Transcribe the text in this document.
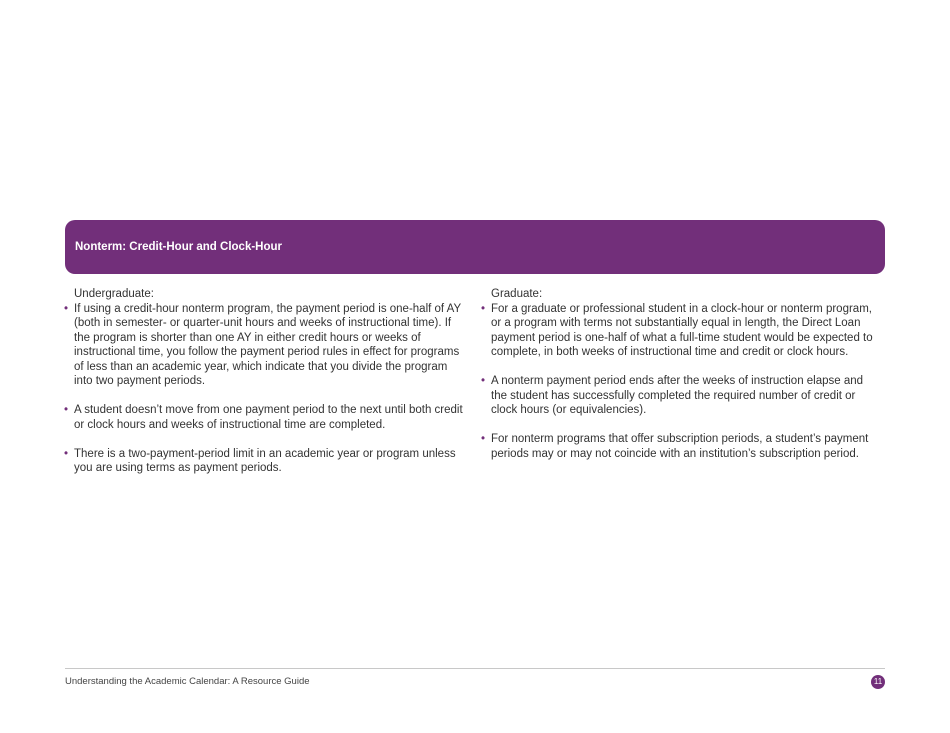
Nonterm: Credit-Hour and Clock-Hour
Undergraduate:
• If using a credit-hour nonterm program, the payment period is one-half of AY (both in semester- or quarter-unit hours and weeks of instructional time). If the program is shorter than one AY in either credit hours or weeks of instructional time, you follow the payment period rules in effect for programs of less than an academic year, which indicate that you divide the program into two payment periods.
• A student doesn’t move from one payment period to the next until both credit or clock hours and weeks of instructional time are completed.
• There is a two-payment-period limit in an academic year or program unless you are using terms as payment periods.
Graduate:
• For a graduate or professional student in a clock-hour or nonterm program, or a program with terms not substantially equal in length, the Direct Loan payment period is one-half of what a full-time student would be expected to complete, in both weeks of instructional time and credit or clock hours.
• A nonterm payment period ends after the weeks of instruction elapse and the student has successfully completed the required number of credit or clock hours (or equivalencies).
• For nonterm programs that offer subscription periods, a student’s payment periods may or may not coincide with an institution’s subscription period.
Understanding the Academic Calendar: A Resource Guide	11
